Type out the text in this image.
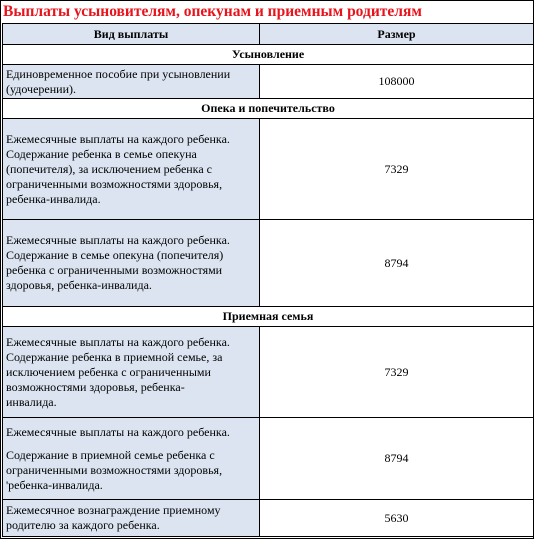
Выплаты усыновителям, опекунам и приемным родителям
Вид выплаты	Размер
Усыновление	

Единовременное пособие при усыновлении

(удочерении).	108000
Опека и попечительство	

Ежемесячные выплаты на каждого ребенка.

Содержание ребенка в семье опекуна

(попечителя), за исключением ребенка с

ограниченными возможностями здоровья,

ребенка-инвалида.	7329

Ежемесячные выплаты на каждого ребенка.

Содержание в семье опекуна (попечителя)

ребенка с ограниченными возможностями

здоровья, ребенка-инвалида.	8794
Приемная семья	

Ежемесячные выплаты на каждого ребенка.

Содержание ребенка в приемной семье, за

исключением ребенка с ограниченными

возможностями здоровья, ребенка-

инвалида.	7329

Ежемесячные выплаты на каждого ребенка.

Содержание в приемной семье ребенка с

ограниченными возможностями здоровья,

'ребенка-инвалида.	8794

Ежемесячное вознаграждение приемному

родителю за каждого ребенка.	5630
